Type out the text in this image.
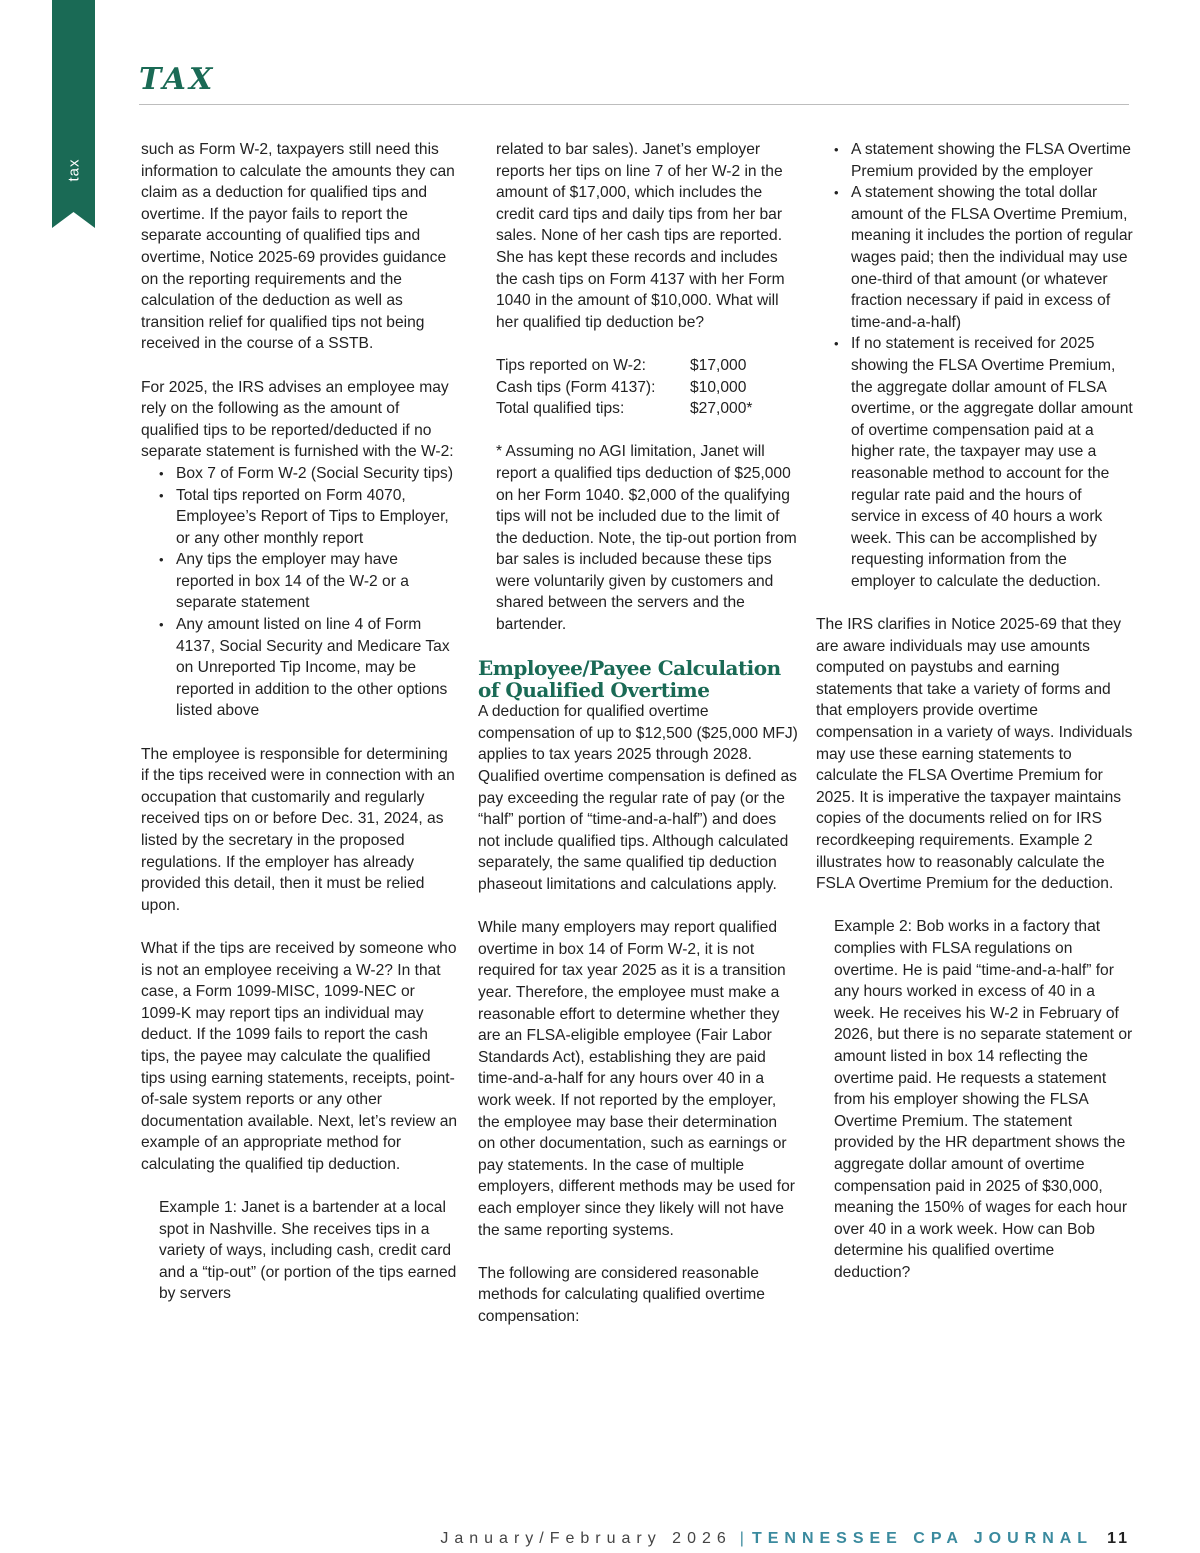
tax
TAX

such as Form W-2, taxpayers still need this information to calculate the amounts they can claim as a deduction for qualified tips and overtime. If the payor fails to report the separate accounting of qualified tips and overtime, Notice 2025-69 provides guidance on the reporting requirements and the calculation of the deduction as well as transition relief for qualified tips not being received in the course of a SSTB.

For 2025, the IRS advises an employee may rely on the following as the amount of qualified tips to be reported/deducted if no separate statement is furnished with the W-2:

• Box 7 of Form W-2 (Social Security tips)
• Total tips reported on Form 4070, Employee’s Report of Tips to Employer, or any other monthly report
• Any tips the employer may have reported in box 14 of the W-2 or a separate statement
• Any amount listed on line 4 of Form 4137, Social Security and Medicare Tax on Unreported Tip Income, may be reported in addition to the other options listed above

The employee is responsible for determining if the tips received were in connection with an occupation that customarily and regularly received tips on or before Dec. 31, 2024, as listed by the secretary in the proposed regulations. If the employer has already provided this detail, then it must be relied upon.

What if the tips are received by someone who is not an employee receiving a W-2? In that case, a Form 1099-MISC, 1099-NEC or 1099-K may report tips an individual may deduct. If the 1099 fails to report the cash tips, the payee may calculate the qualified tips using earning statements, receipts, point-of-sale system reports or any other documentation available. Next, let’s review an example of an appropriate method for calculating the qualified tip deduction.

Example 1: Janet is a bartender at a local spot in Nashville. She receives tips in a variety of ways, including cash, credit card and a “tip-out” (or portion of the tips earned by servers

related to bar sales). Janet’s employer reports her tips on line 7 of her W-2 in the amount of $17,000, which includes the credit card tips and daily tips from her bar sales. None of her cash tips are reported. She has kept these records and includes the cash tips on Form 4137 with her Form 1040 in the amount of $10,000. What will her qualified tip deduction be?

Tips reported on W-2:	$17,000
Cash tips (Form 4137):	$10,000
Total qualified tips:	$27,000*

* Assuming no AGI limitation, Janet will report a qualified tips deduction of $25,000 on her Form 1040. $2,000 of the qualifying tips will not be included due to the limit of the deduction. Note, the tip-out portion from bar sales is included because these tips were voluntarily given by customers and shared between the servers and the bartender.

Employee/Payee Calculation of Qualified Overtime

A deduction for qualified overtime compensation of up to $12,500 ($25,000 MFJ) applies to tax years 2025 through 2028. Qualified overtime compensation is defined as pay exceeding the regular rate of pay (or the “half” portion of “time-and-a-half”) and does not include qualified tips. Although calculated separately, the same qualified tip deduction phaseout limitations and calculations apply.

While many employers may report qualified overtime in box 14 of Form W-2, it is not required for tax year 2025 as it is a transition year. Therefore, the employee must make a reasonable effort to determine whether they are an FLSA-eligible employee (Fair Labor Standards Act), establishing they are paid time-and-a-half for any hours over 40 in a work week. If not reported by the employer, the employee may base their determination on other documentation, such as earnings or pay statements. In the case of multiple employers, different methods may be used for each employer since they likely will not have the same reporting systems.

The following are considered reasonable methods for calculating qualified overtime compensation:

• A statement showing the FLSA Overtime Premium provided by the employer
• A statement showing the total dollar amount of the FLSA Overtime Premium, meaning it includes the portion of regular wages paid; then the individual may use one-third of that amount (or whatever fraction necessary if paid in excess of time-and-a-half)
• If no statement is received for 2025 showing the FLSA Overtime Premium, the aggregate dollar amount of FLSA overtime, or the aggregate dollar amount of overtime compensation paid at a higher rate, the taxpayer may use a reasonable method to account for the regular rate paid and the hours of service in excess of 40 hours a work week. This can be accomplished by requesting information from the employer to calculate the deduction.

The IRS clarifies in Notice 2025-69 that they are aware individuals may use amounts computed on paystubs and earning statements that take a variety of forms and that employers provide overtime compensation in a variety of ways. Individuals may use these earning statements to calculate the FLSA Overtime Premium for 2025. It is imperative the taxpayer maintains copies of the documents relied on for IRS recordkeeping requirements. Example 2 illustrates how to reasonably calculate the FSLA Overtime Premium for the deduction.

Example 2: Bob works in a factory that complies with FLSA regulations on overtime. He is paid “time-and-a-half” for any hours worked in excess of 40 in a week. He receives his W-2 in February of 2026, but there is no separate statement or amount listed in box 14 reflecting the overtime paid. He requests a statement from his employer showing the FLSA Overtime Premium. The statement provided by the HR department shows the aggregate dollar amount of overtime compensation paid in 2025 of $30,000, meaning the 150% of wages for each hour over 40 in a work week. How can Bob determine his qualified overtime deduction?

January/February 2026 | TENNESSEE CPA JOURNAL 11
